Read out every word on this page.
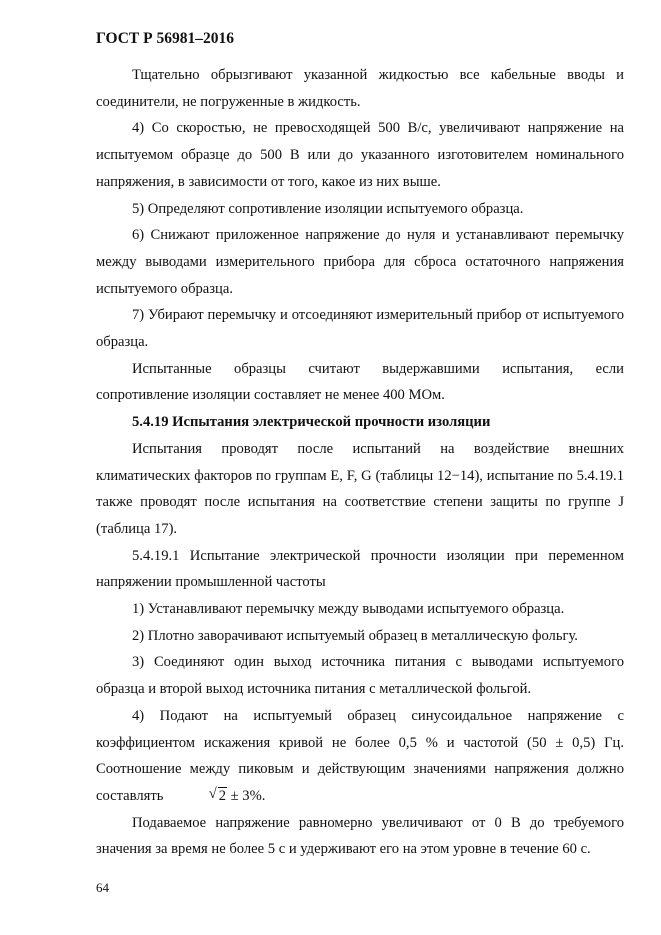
ГОСТ Р 56981–2016

Тщательно обрызгивают указанной жидкостью все кабельные вводы и соединители, не погруженные в жидкость.

4) Со скоростью, не превосходящей 500 В/с, увеличивают напряжение на испытуемом образце до 500 В или до указанного изготовителем номинального напряжения, в зависимости от того, какое из них выше.

5) Определяют сопротивление изоляции испытуемого образца.

6) Снижают приложенное напряжение до нуля и устанавливают перемычку между выводами измерительного прибора для сброса остаточного напряжения испытуемого образца.

7) Убирают перемычку и отсоединяют измерительный прибор от испытуемого образца.

Испытанные образцы считают выдержавшими испытания, если сопротивление изоляции составляет не менее 400 МОм.

5.4.19 Испытания электрической прочности изоляции

Испытания проводят после испытаний на воздействие внешних климатических факторов по группам E, F, G (таблицы 12−14), испытание по 5.4.19.1 также проводят после испытания на соответствие степени защиты по группе J (таблица 17).

5.4.19.1 Испытание электрической прочности изоляции при переменном напряжении промышленной частоты

1) Устанавливают перемычку между выводами испытуемого образца.

2) Плотно заворачивают испытуемый образец в металлическую фольгу.

3) Соединяют один выход источника питания с выводами испытуемого образца и второй выход источника питания с металлической фольгой.

4) Подают на испытуемый образец синусоидальное напряжение с коэффициентом искажения кривой не более 0,5 % и частотой (50 ± 0,5) Гц. Соотношение между пиковым и действующим значениями напряжения должно составлять	√ 2 ± 3%.

Подаваемое напряжение равномерно увеличивают от 0 В до требуемого значения за время не более 5 с и удерживают его на этом уровне в течение 60 с.

64
